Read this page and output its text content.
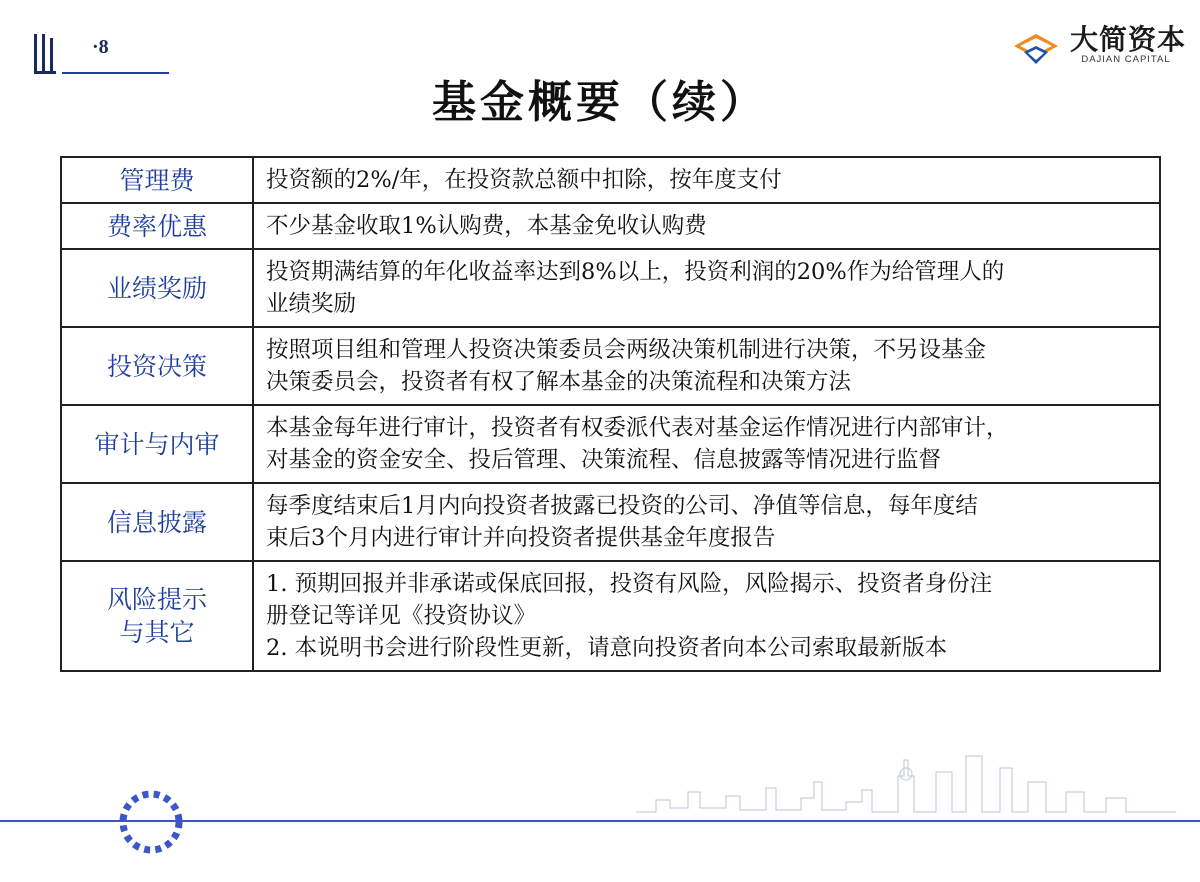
·8	大简资本
DAJIAN CAPITAL
基金概要（续）
管理费	投资额的2%/年，在投资款总额中扣除，按年度支付

费率优惠	不少基金收取1%认购费，本基金免收认购费

业绩奖励	投资期满结算的年化收益率达到8%以上，投资利润的20%作为给管理人的
业绩奖励

投资决策	按照项目组和管理人投资决策委员会两级决策机制进行决策，不另设基金
决策委员会，投资者有权了解本基金的决策流程和决策方法

审计与内审	本基金每年进行审计，投资者有权委派代表对基金运作情况进行内部审计，
对基金的资金安全、投后管理、决策流程、信息披露等情况进行监督

信息披露	每季度结束后1月内向投资者披露已投资的公司、净值等信息，每年度结
束后3个月内进行审计并向投资者提供基金年度报告

风险提示
与其它	1. 预期回报并非承诺或保底回报，投资有风险，风险揭示、投资者身份注
册登记等详见《投资协议》
2. 本说明书会进行阶段性更新，请意向投资者向本公司索取最新版本
